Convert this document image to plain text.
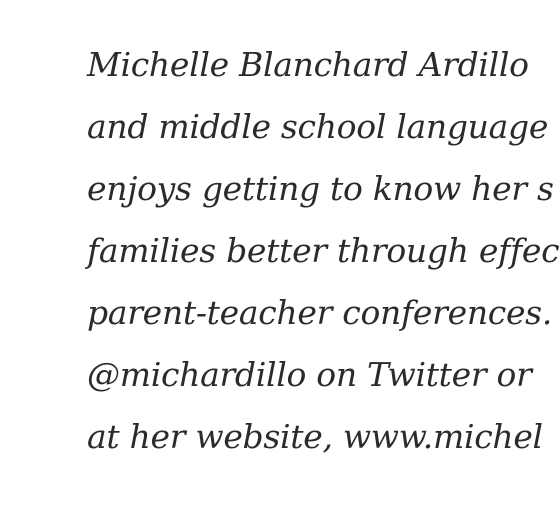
Michelle Blanchard Ardillo
and middle school language
enjoys getting to know her s
families better through effec
parent-teacher conferences.
@michardillo on Twitter or
at her website, www.michel
